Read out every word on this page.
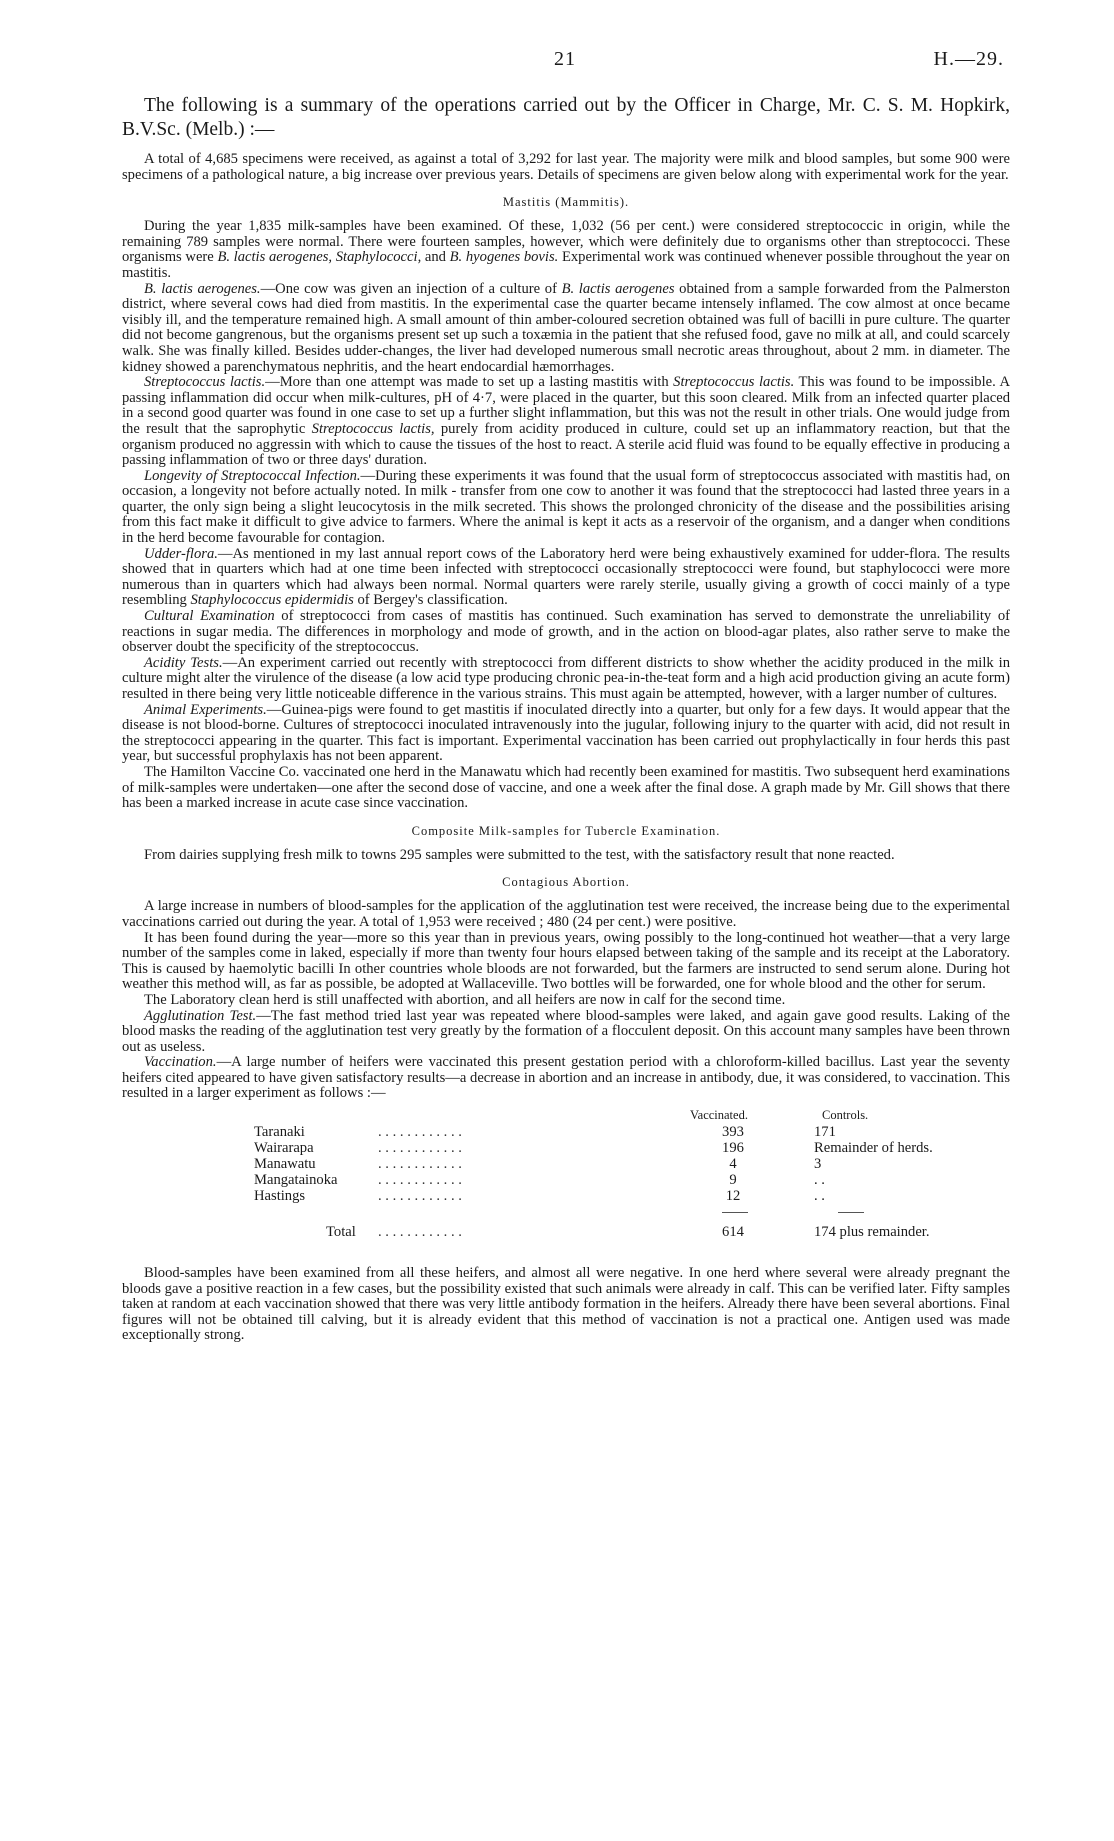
21	H.—29.
The following is a summary of the operations carried out by the Officer in Charge, Mr. C. S. M. Hopkirk, B.V.Sc. (Melb.) :—

A total of 4,685 specimens were received, as against a total of 3,292 for last year. The majority were milk and blood samples, but some 900 were specimens of a pathological nature, a big increase over previous years. Details of specimens are given below along with experimental work for the year.

Mastitis (Mammitis).

During the year 1,835 milk-samples have been examined. Of these, 1,032 (56 per cent.) were considered streptococcic in origin, while the remaining 789 samples were normal. There were fourteen samples, however, which were definitely due to organisms other than streptococci. These organisms were B. lactis aerogenes, Staphylococci, and B. hyogenes bovis. Experimental work was continued whenever possible throughout the year on mastitis.

B. lactis aerogenes.—One cow was given an injection of a culture of B. lactis aerogenes obtained from a sample forwarded from the Palmerston district, where several cows had died from mastitis. In the experimental case the quarter became intensely inflamed. The cow almost at once became visibly ill, and the temperature remained high. A small amount of thin amber-coloured secretion obtained was full of bacilli in pure culture. The quarter did not become gangrenous, but the organisms present set up such a toxæmia in the patient that she refused food, gave no milk at all, and could scarcely walk. She was finally killed. Besides udder-changes, the liver had developed numerous small necrotic areas throughout, about 2 mm. in diameter. The kidney showed a parenchymatous nephritis, and the heart endocardial hæmorrhages.

Streptococcus lactis.—More than one attempt was made to set up a lasting mastitis with Streptococcus lactis. This was found to be impossible. A passing inflammation did occur when milk-cultures, pH of 4·7, were placed in the quarter, but this soon cleared. Milk from an infected quarter placed in a second good quarter was found in one case to set up a further slight inflammation, but this was not the result in other trials. One would judge from the result that the saprophytic Streptococcus lactis, purely from acidity produced in culture, could set up an inflammatory reaction, but that the organism produced no aggressin with which to cause the tissues of the host to react. A sterile acid fluid was found to be equally effective in producing a passing inflammation of two or three days' duration.

Longevity of Streptococcal Infection.—During these experiments it was found that the usual form of streptococcus associated with mastitis had, on occasion, a longevity not before actually noted. In milk - transfer from one cow to another it was found that the streptococci had lasted three years in a quarter, the only sign being a slight leucocytosis in the milk secreted. This shows the prolonged chronicity of the disease and the possibilities arising from this fact make it difficult to give advice to farmers. Where the animal is kept it acts as a reservoir of the organism, and a danger when conditions in the herd become favourable for contagion.

Udder-flora.—As mentioned in my last annual report cows of the Laboratory herd were being exhaustively examined for udder-flora. The results showed that in quarters which had at one time been infected with streptococci occasionally streptococci were found, but staphylococci were more numerous than in quarters which had always been normal. Normal quarters were rarely sterile, usually giving a growth of cocci mainly of a type resembling Staphylococcus epidermidis of Bergey's classification.

Cultural Examination of streptococci from cases of mastitis has continued. Such examination has served to demonstrate the unreliability of reactions in sugar media. The differences in morphology and mode of growth, and in the action on blood-agar plates, also rather serve to make the observer doubt the specificity of the streptococcus.

Acidity Tests.—An experiment carried out recently with streptococci from different districts to show whether the acidity produced in the milk in culture might alter the virulence of the disease (a low acid type producing chronic pea-in-the-teat form and a high acid production giving an acute form) resulted in there being very little noticeable difference in the various strains. This must again be attempted, however, with a larger number of cultures.

Animal Experiments.—Guinea-pigs were found to get mastitis if inoculated directly into a quarter, but only for a few days. It would appear that the disease is not blood-borne. Cultures of streptococci inoculated intravenously into the jugular, following injury to the quarter with acid, did not result in the streptococci appearing in the quarter. This fact is important. Experimental vaccination has been carried out prophylactically in four herds this past year, but successful prophylaxis has not been apparent.

The Hamilton Vaccine Co. vaccinated one herd in the Manawatu which had recently been examined for mastitis. Two subsequent herd examinations of milk-samples were undertaken—one after the second dose of vaccine, and one a week after the final dose. A graph made by Mr. Gill shows that there has been a marked increase in acute case since vaccination.

Composite Milk-samples for Tubercle Examination.

From dairies supplying fresh milk to towns 295 samples were submitted to the test, with the satisfactory result that none reacted.

Contagious Abortion.

A large increase in numbers of blood-samples for the application of the agglutination test were received, the increase being due to the experimental vaccinations carried out during the year. A total of 1,953 were received ; 480 (24 per cent.) were positive.

It has been found during the year—more so this year than in previous years, owing possibly to the long-continued hot weather—that a very large number of the samples come in laked, especially if more than twenty four hours elapsed between taking of the sample and its receipt at the Laboratory. This is caused by haemolytic bacilli In other countries whole bloods are not forwarded, but the farmers are instructed to send serum alone. During hot weather this method will, as far as possible, be adopted at Wallaceville. Two bottles will be forwarded, one for whole blood and the other for serum.

The Laboratory clean herd is still unaffected with abortion, and all heifers are now in calf for the second time.

Agglutination Test.—The fast method tried last year was repeated where blood-samples were laked, and again gave good results. Laking of the blood masks the reading of the agglutination test very greatly by the formation of a flocculent deposit. On this account many samples have been thrown out as useless.

Vaccination.—A large number of heifers were vaccinated this present gestation period with a chloroform-killed bacillus. Last year the seventy heifers cited appeared to have given satisfactory results—a decrease in abortion and an increase in antibody, due, it was considered, to vaccination. This resulted in a larger experiment as follows :—

Vaccinated.	Controls.
Taranaki	. . . . . . . . . . . .	393	171
Wairarapa	. . . . . . . . . . . .	196	Remainder of herds.
Manawatu	. . . . . . . . . . . .	4	3
Mangatainoka	. . . . . . . . . . . .	9	. .
Hastings	. . . . . . . . . . . .	12	. .
Total . . . . . . . . . . . .	614	174 plus remainder.

Blood-samples have been examined from all these heifers, and almost all were negative. In one herd where several were already pregnant the bloods gave a positive reaction in a few cases, but the possibility existed that such animals were already in calf. This can be verified later. Fifty samples taken at random at each vaccination showed that there was very little antibody formation in the heifers. Already there have been several abortions. Final figures will not be obtained till calving, but it is already evident that this method of vaccination is not a practical one. Antigen used was made exceptionally strong.
